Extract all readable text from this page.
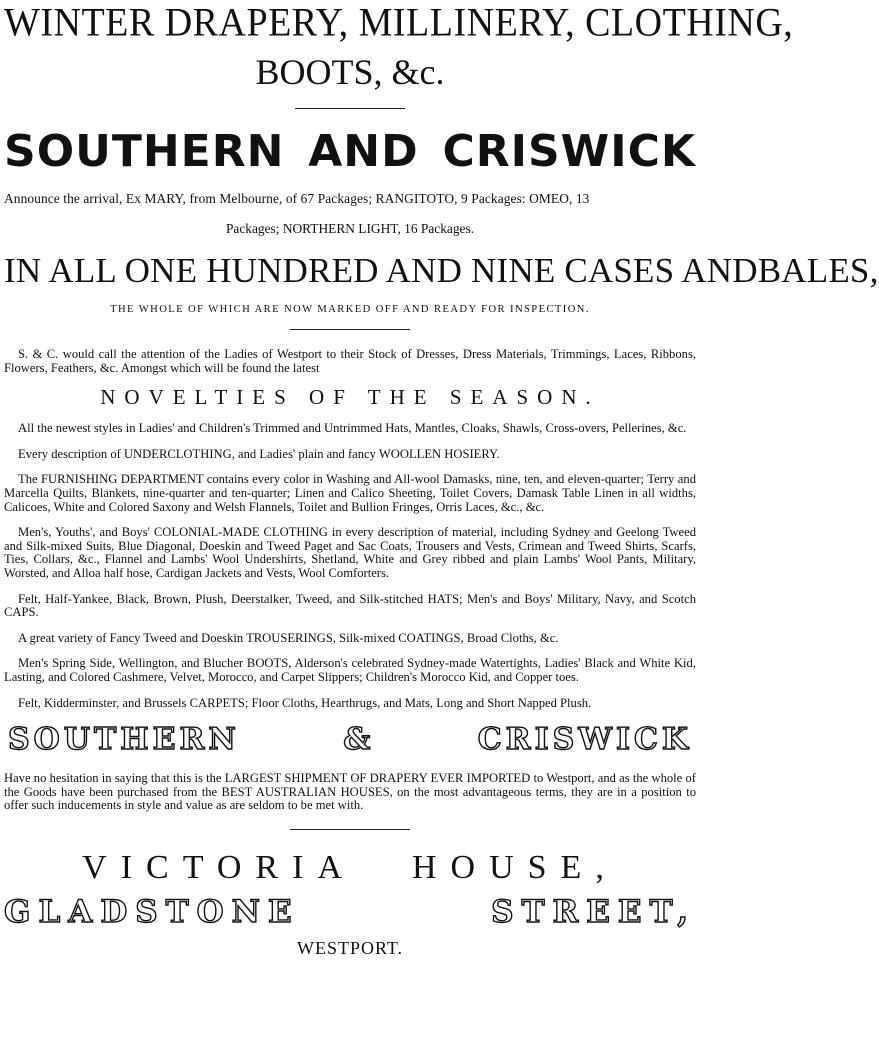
WINTER DRAPERY, MILLINERY, CLOTHING,
BOOTS, &c.
SOUTHERN AND CRISWICK

Announce the arrival, Ex MARY, from Melbourne, of 67 Packages; RANGITOTO, 9 Packages: OMEO, 13

Packages; NORTHERN LIGHT, 16 Packages.

IN ALL ONE HUNDRED AND NINE CASES AND BALES,

THE WHOLE OF WHICH ARE NOW MARKED OFF AND READY FOR INSPECTION.

S. & C. would call the attention of the Ladies of Westport to their Stock of Dresses, Dress Materials, Trimmings, Laces, Ribbons, Flowers, Feathers, &c. Amongst which will be found the latest

NOVELTIES OF THE SEASON.

All the newest styles in Ladies' and Children's Trimmed and Untrimmed Hats, Mantles, Cloaks, Shawls, Cross-overs, Pellerines, &c.

Every description of UNDERCLOTHING, and Ladies' plain and fancy WOOLLEN HOSIERY.

The FURNISHING DEPARTMENT contains every color in Washing and All-wool Damasks, nine, ten, and eleven-quarter; Terry and Marcella Quilts, Blankets, nine-quarter and ten-quarter; Linen and Calico Sheeting, Toilet Covers, Damask Table Linen in all widths, Calicoes, White and Colored Saxony and Welsh Flannels, Toilet and Bullion Fringes, Orris Laces, &c., &c.

Men's, Youths', and Boys' COLONIAL-MADE CLOTHING in every description of material, including Sydney and Geelong Tweed and Silk-mixed Suits, Blue Diagonal, Doeskin and Tweed Paget and Sac Coats, Trousers and Vests, Crimean and Tweed Shirts, Scarfs, Ties, Collars, &c., Flannel and Lambs' Wool Undershirts, Shetland, White and Grey ribbed and plain Lambs' Wool Pants, Military, Worsted, and Alloa half hose, Cardigan Jackets and Vests, Wool Comforters.

Felt, Half-Yankee, Black, Brown, Plush, Deerstalker, Tweed, and Silk-stitched HATS; Men's and Boys' Military, Navy, and Scotch CAPS.

A great variety of Fancy Tweed and Doeskin TROUSERINGS, Silk-mixed COATINGS, Broad Cloths, &c.

Men's Spring Side, Wellington, and Blucher BOOTS, Alderson's celebrated Sydney-made Watertights, Ladies' Black and White Kid, Lasting, and Colored Cashmere, Velvet, Morocco, and Carpet Slippers; Children's Morocco Kid, and Copper toes.

Felt, Kidderminster, and Brussels CARPETS; Floor Cloths, Hearthrugs, and Mats, Long and Short Napped Plush.

SOUTHERN	&	CRISWICK

Have no hesitation in saying that this is the LARGEST SHIPMENT OF DRAPERY EVER IMPORTED to Westport, and as the whole of the Goods have been purchased from the BEST AUSTRALIAN HOUSES, on the most advantageous terms, they are in a position to offer such inducements in style and value as are seldom to be met with.

VICTORIA HOUSE,
GLADSTONE	STREET,

WESTPORT.
